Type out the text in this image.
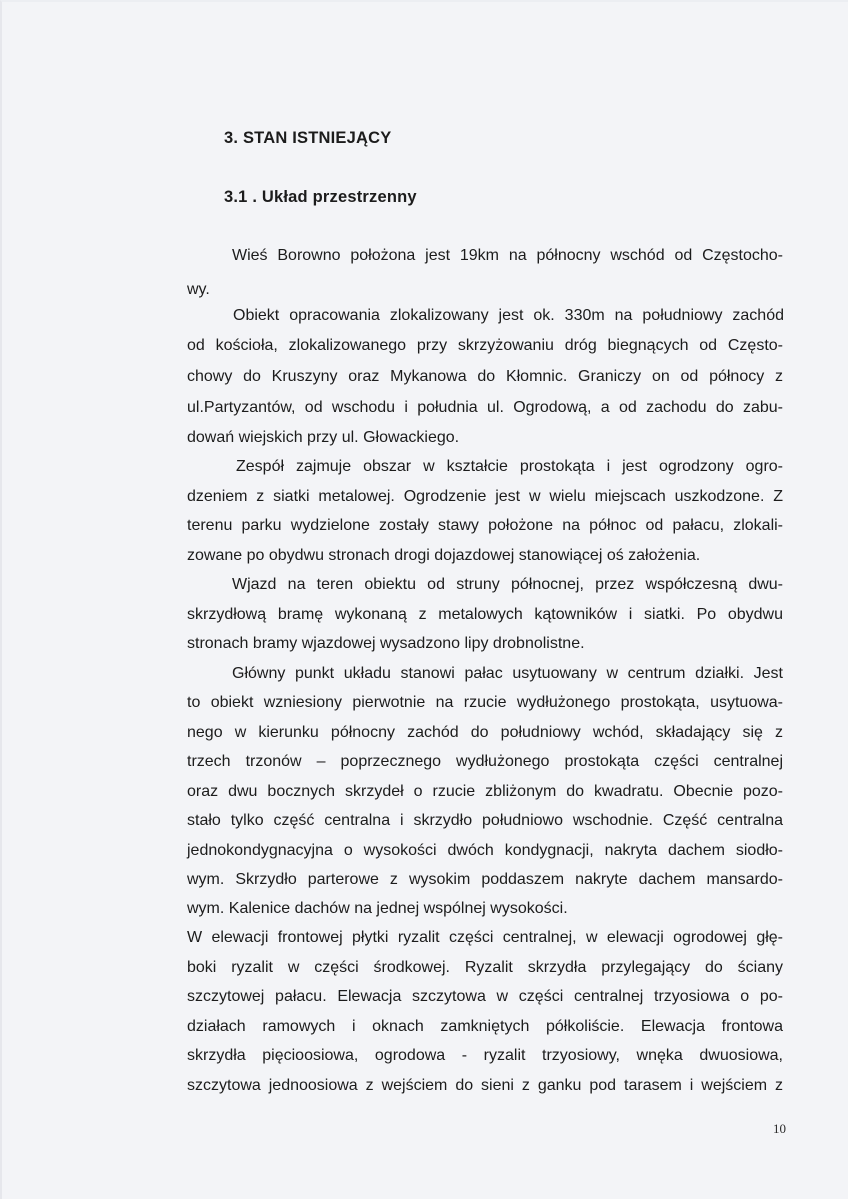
3. STAN ISTNIEJĄCY
3.1 . Układ przestrzenny
Wieś Borowno położona jest 19km na północny wschód od Częstocho-
wy.
Obiekt opracowania zlokalizowany jest ok. 330m na południowy zachód
od kościoła, zlokalizowanego przy skrzyżowaniu dróg biegnących od Często-
chowy do Kruszyny oraz Mykanowa do Kłomnic. Graniczy on od północy z
ul.Partyzantów, od wschodu i południa ul. Ogrodową, a od zachodu do zabu-
dowań wiejskich przy ul. Głowackiego.
Zespół zajmuje obszar w kształcie prostokąta i jest ogrodzony ogro-
dzeniem z siatki metalowej. Ogrodzenie jest w wielu miejscach uszkodzone. Z
terenu parku wydzielone zostały stawy położone na północ od pałacu, zlokali-
zowane po obydwu stronach drogi dojazdowej stanowiącej oś założenia.
Wjazd na teren obiektu od struny północnej, przez współczesną dwu-
skrzydłową bramę wykonaną z metalowych kątowników i siatki. Po obydwu
stronach bramy wjazdowej wysadzono lipy drobnolistne.
Główny punkt układu stanowi pałac usytuowany w centrum działki. Jest
to obiekt wzniesiony pierwotnie na rzucie wydłużonego prostokąta, usytuowa-
nego w kierunku północny zachód do południowy wchód, składający się z
trzech trzonów – poprzecznego wydłużonego prostokąta części centralnej
oraz dwu bocznych skrzydeł o rzucie zbliżonym do kwadratu. Obecnie pozo-
stało tylko część centralna i skrzydło południowo wschodnie. Część centralna
jednokondygnacyjna o wysokości dwóch kondygnacji, nakryta dachem siodło-
wym. Skrzydło parterowe z wysokim poddaszem nakryte dachem mansardo-
wym. Kalenice dachów na jednej wspólnej wysokości.
W elewacji frontowej płytki ryzalit części centralnej, w elewacji ogrodowej głę-
boki ryzalit w części środkowej. Ryzalit skrzydła przylegający do ściany
szczytowej pałacu. Elewacja szczytowa w części centralnej trzyosiowa o po-
działach ramowych i oknach zamkniętych półkoliście. Elewacja frontowa
skrzydła pięcioosiowa, ogrodowa - ryzalit trzyosiowy, wnęka dwuosiowa,
szczytowa jednoosiowa z wejściem do sieni z ganku pod tarasem i wejściem z
10
